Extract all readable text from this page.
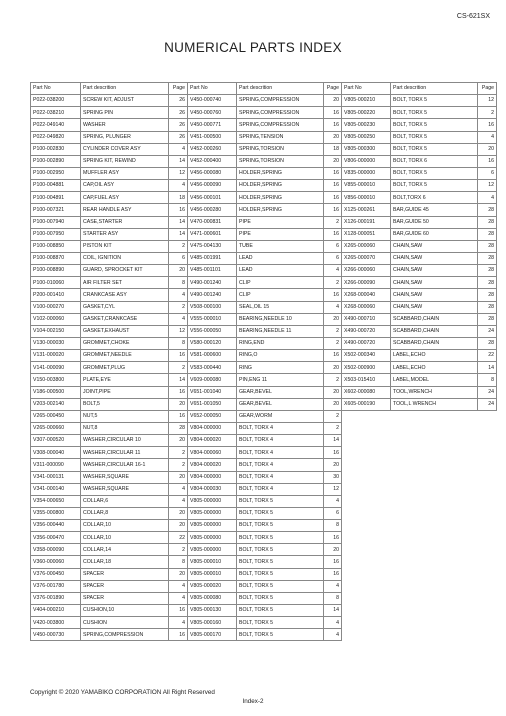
CS-621SX
NUMERICAL PARTS INDEX
Part No	Part descrition	Page
P022-038200	SCREW KIT, ADJUST	26
P022-038210	SPRING PIN	26
P022-049140	WASHER	26
P022-049820	SPRING, PLUNGER	26
P100-002830	CYLINDER COVER ASY	4
P100-002890	SPRING KIT, REWIND	14
P100-002950	MUFFLER ASY	12
P100-004881	CAP,OIL ASY	4
P100-004891	CAP,FUEL ASY	18
P100-007321	REAR HANDLE ASY	16
P100-007940	CASE,STARTER	14
P100-007950	STARTER ASY	14
P100-008850	PISTON KIT	2
P100-008870	COIL, IGNITION	6
P100-008890	GUARD, SPROCKET KIT	20
P100-010060	AIR FILTER SET	8
P200-001410	CRANKCASE ASY	4
V100-000270	GASKET,CYL	2
V102-000060	GASKET,CRANKCASE	4
V104-002150	GASKET,EXHAUST	12
V130-000030	GROMMET,CHOKE	8
V131-000020	GROMMET,NEEDLE	16
V141-000090	GROMMET,PLUG	2
V150-003800	PLATE,EYE	14
V186-000500	JOINT,PIPE	16
V203-002140	BOLT,5	20
V265-000450	NUT,5	16
V265-000660	NUT,8	28
V307-000520	WASHER,CIRCULAR 10	20
V308-000040	WASHER,CIRCULAR 11	2
V311-000090	WASHER,CIRCULAR 16-1	2
V341-000131	WASHER,SQUARE	20
V341-000140	WASHER,SQUARE	4
V354-000650	COLLAR,6	4
V355-000800	COLLAR,8	20
V356-000440	COLLAR,10	20
V356-000470	COLLAR,10	22
V358-000090	COLLAR,14	2
V360-000060	COLLAR,18	8
V376-000450	SPACER	20
V376-001780	SPACER	4
V376-001890	SPACER	4
V404-000210	CUSHION,10	16
V420-003800	CUSHION	4
V450-000730	SPRING,COMPRESSION	16
Part No	Part descrition	Page
V450-000740	SPRING,COMPRESSION	20
V450-000760	SPRING,COMPRESSION	16
V450-000771	SPRING,COMPRESSION	16
V451-000500	SPRING,TENSION	20
V452-000260	SPRING,TORSION	18
V452-000400	SPRING,TORSION	20
V456-000080	HOLDER,SPRING	16
V456-000090	HOLDER,SPRING	16
V456-000101	HOLDER,SPRING	16
V456-000280	HOLDER,SPRING	16
V470-000831	PIPE	2
V471-000601	PIPE	16
V475-004130	TUBE	6
V485-001991	LEAD	6
V485-001101	LEAD	4
V490-001240	CLIP	2
V490-001240	CLIP	16
V508-000100	SEAL,OIL 15	4
V555-000010	BEARING,NEEDLE 10	20
V556-000050	BEARING,NEEDLE 11	2
V580-000120	RING,END	2
V581-000600	RING,O	16
V583-000440	RING	20
V609-000080	PIN,ENG 11	2
V651-001040	GEAR,BEVEL	20
V651-001050	GEAR,BEVEL	20
V652-000050	GEAR,WORM	2
V804-000000	BOLT, TORX 4	2
V804-000020	BOLT, TORX 4	14
V804-000060	BOLT, TORX 4	16
V804-000020	BOLT, TORX 4	20
V804-000000	BOLT, TORX 4	30
V804-000030	BOLT, TORX 4	12
V805-000000	BOLT, TORX 5	4
V805-000000	BOLT, TORX 5	6
V805-000000	BOLT, TORX 5	8
V805-000000	BOLT, TORX 5	16
V805-000000	BOLT, TORX 5	20
V805-000010	BOLT, TORX 5	16
V805-000010	BOLT, TORX 5	16
V805-000020	BOLT, TORX 5	4
V805-000080	BOLT, TORX 5	8
V805-000130	BOLT, TORX 5	14
V805-000160	BOLT, TORX 5	4
V805-000170	BOLT, TORX 5	4
Part No	Part descrition	Page
V805-000210	BOLT, TORX 5	12
V805-000220	BOLT, TORX 5	2
V805-000230	BOLT, TORX 5	16
V805-000250	BOLT, TORX 5	4
V805-000300	BOLT, TORX 5	20
V806-000000	BOLT, TORX 6	16
V835-000000	BOLT, TORX 5	6
V855-000010	BOLT, TORX 5	12
V856-000010	BOLT,TORX 6	4
X125-000261	BAR,GUIDE 45	28
X126-000191	BAR,GUIDE 50	28
X128-000051	BAR,GUIDE 60	28
X265-000060	CHAIN,SAW	28
X265-000070	CHAIN,SAW	28
X266-000060	CHAIN,SAW	28
X266-000090	CHAIN,SAW	28
X268-000040	CHAIN,SAW	28
X268-000060	CHAIN,SAW	28
X490-000710	SCABBARD,CHAIN	28
X490-000720	SCABBARD,CHAIN	24
X490-000720	SCABBARD,CHAIN	28
X502-000340	LABEL,ECHO	22
X502-000900	LABEL,ECHO	14
X503-015410	LABEL,MODEL	8
X602-000080	TOOL,WRENCH	24
X605-000190	TOOL,L WRENCH	24
Copyright © 2020 YAMABIKO CORPORATION All Right Reserved
Index-2
